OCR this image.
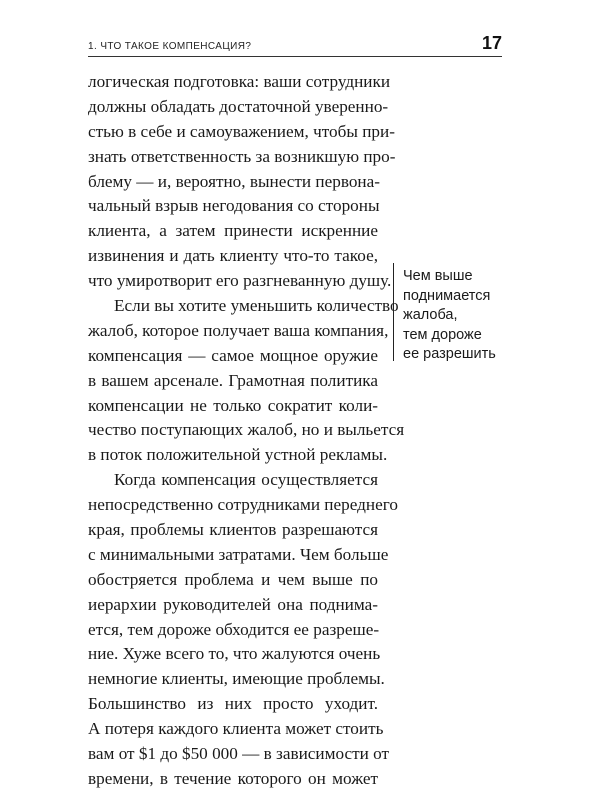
1. ЧТО ТАКОЕ КОМПЕНСАЦИЯ?	17
логическая подготовка: ваши сотрудники
должны обладать достаточной уверенно-
стью в себе и самоуважением, чтобы при-
знать ответственность за возникшую про-
блему — и, вероятно, вынести первона-
чальный взрыв негодования со стороны
клиента, а затем принести искренние
извинения и дать клиенту что-то такое,
что умиротворит его разгневанную душу.
Если вы хотите уменьшить количество
жалоб, которое получает ваша компания,
компенсация — самое мощное оружие
в вашем арсенале. Грамотная политика
компенсации не только сократит коли-
чество поступающих жалоб, но и выльется
в поток положительной устной рекламы.
Когда компенсация осуществляется
непосредственно сотрудниками переднего
края, проблемы клиентов разрешаются
с минимальными затратами. Чем больше
обостряется проблема и чем выше по
иерархии руководителей она поднима-
ется, тем дороже обходится ее разреше-
ние. Хуже всего то, что жалуются очень
немногие клиенты, имеющие проблемы.
Большинство из них просто уходит.
А потеря каждого клиента может стоить
вам от $1 до $50 000 — в зависимости от
времени, в течение которого он может
Чем выше
поднимается
жалоба,
тем дороже
ее разрешить
